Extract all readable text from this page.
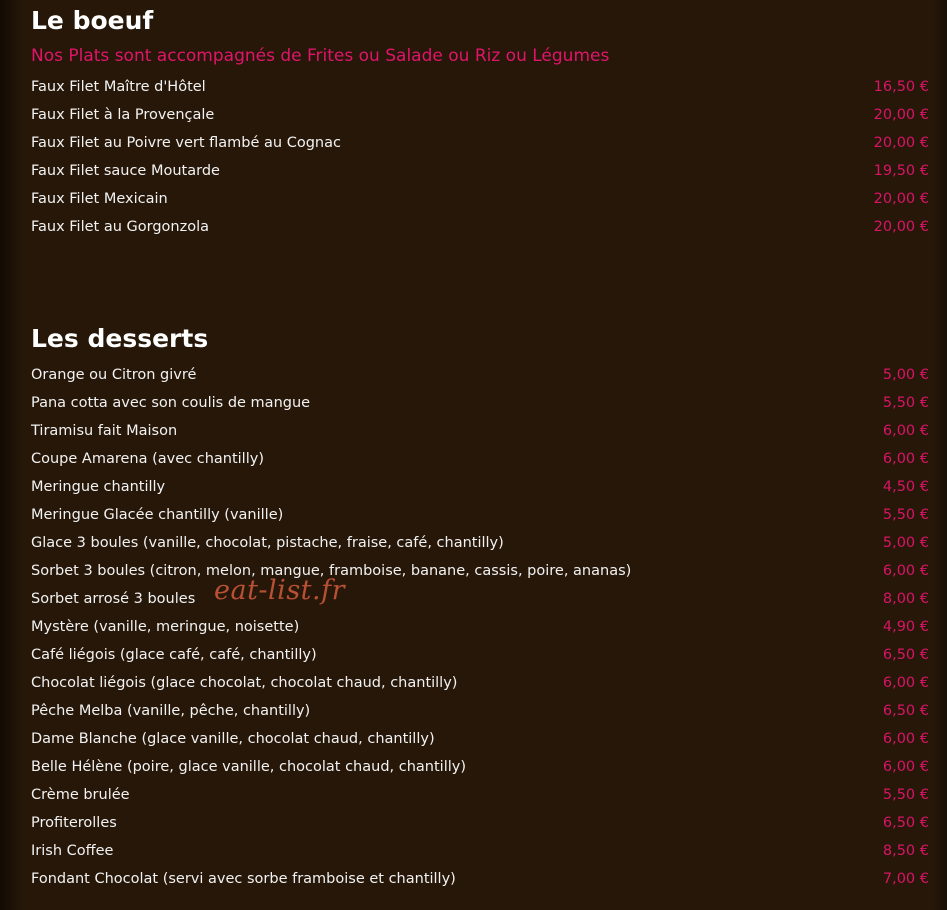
Le boeuf

Nos Plats sont accompagnés de Frites ou Salade ou Riz ou Légumes

Faux Filet Maître d'Hôtel	16,50 €
Faux Filet à la Provençale	20,00 €
Faux Filet au Poivre vert flambé au Cognac	20,00 €
Faux Filet sauce Moutarde	19,50 €
Faux Filet Mexicain	20,00 €
Faux Filet au Gorgonzola	20,00 €
Les desserts
Orange ou Citron givré	5,00 €
Pana cotta avec son coulis de mangue	5,50 €
Tiramisu fait Maison	6,00 €
Coupe Amarena (avec chantilly)	6,00 €
Meringue chantilly	4,50 €
Meringue Glacée chantilly (vanille)	5,50 €
Glace 3 boules (vanille, chocolat, pistache, fraise, café, chantilly)	5,00 €
Sorbet 3 boules (citron, melon, mangue, framboise, banane, cassis, poire, ananas)	6,00 €
Sorbet arrosé 3 boules	8,00 €
Mystère (vanille, meringue, noisette)	4,90 €
Café liégois (glace café, café, chantilly)	6,50 €
Chocolat liégois (glace chocolat, chocolat chaud, chantilly)	6,00 €
Pêche Melba (vanille, pêche, chantilly)	6,50 €
Dame Blanche (glace vanille, chocolat chaud, chantilly)	6,00 €
Belle Hélène (poire, glace vanille, chocolat chaud, chantilly)	6,00 €
Crème brulée	5,50 €
Profiterolles	6,50 €
Irish Coffee	8,50 €
Fondant Chocolat (servi avec sorbe framboise et chantilly)	7,00 €
eat-list.fr
